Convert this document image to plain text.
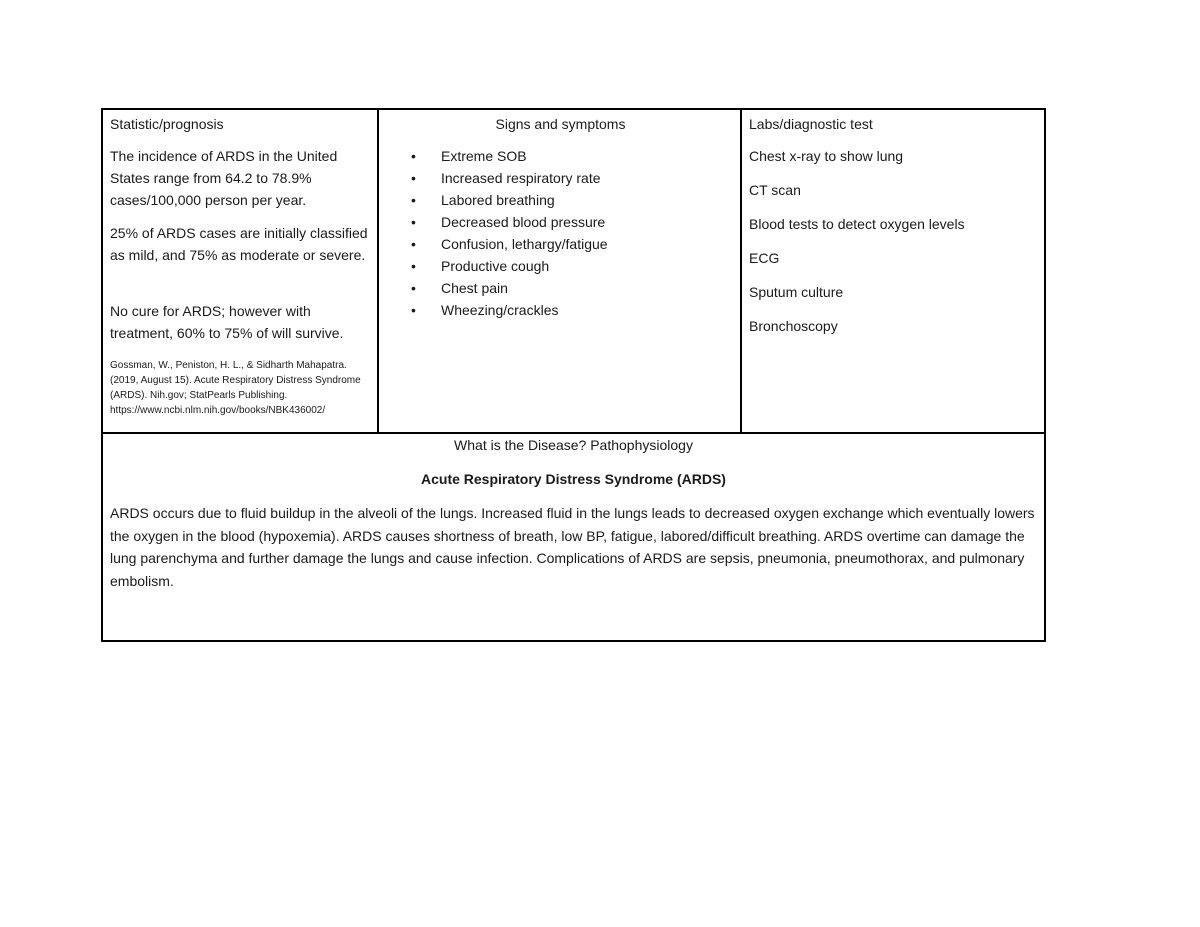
Statistic/prognosis

The incidence of ARDS in the United States range from 64.2 to 78.9% cases/100,000 person per year.

25% of ARDS cases are initially classified as mild, and 75% as moderate or severe.

No cure for ARDS; however with treatment, 60% to 75% of will survive.

Gossman, W., Peniston, H. L., & Sidharth Mahapatra. (2019, August 15). Acute Respiratory Distress Syndrome (ARDS). Nih.gov; StatPearls Publishing. https://www.ncbi.nlm.nih.gov/books/NBK436002/

Signs and symptoms
• Extreme SOB
• Increased respiratory rate
• Labored breathing
• Decreased blood pressure
• Confusion, lethargy/fatigue
• Productive cough
• Chest pain
• Wheezing/crackles
Labs/diagnostic test
Chest x-ray to show lung
CT scan
Blood tests to detect oxygen levels
ECG
Sputum culture
Bronchoscopy
What is the Disease? Pathophysiology
Acute Respiratory Distress Syndrome (ARDS)

ARDS occurs due to fluid buildup in the alveoli of the lungs. Increased fluid in the lungs leads to decreased oxygen exchange which eventually lowers the oxygen in the blood (hypoxemia). ARDS causes shortness of breath, low BP, fatigue, labored/difficult breathing. ARDS overtime can damage the lung parenchyma and further damage the lungs and cause infection. Complications of ARDS are sepsis, pneumonia, pneumothorax, and pulmonary embolism.
